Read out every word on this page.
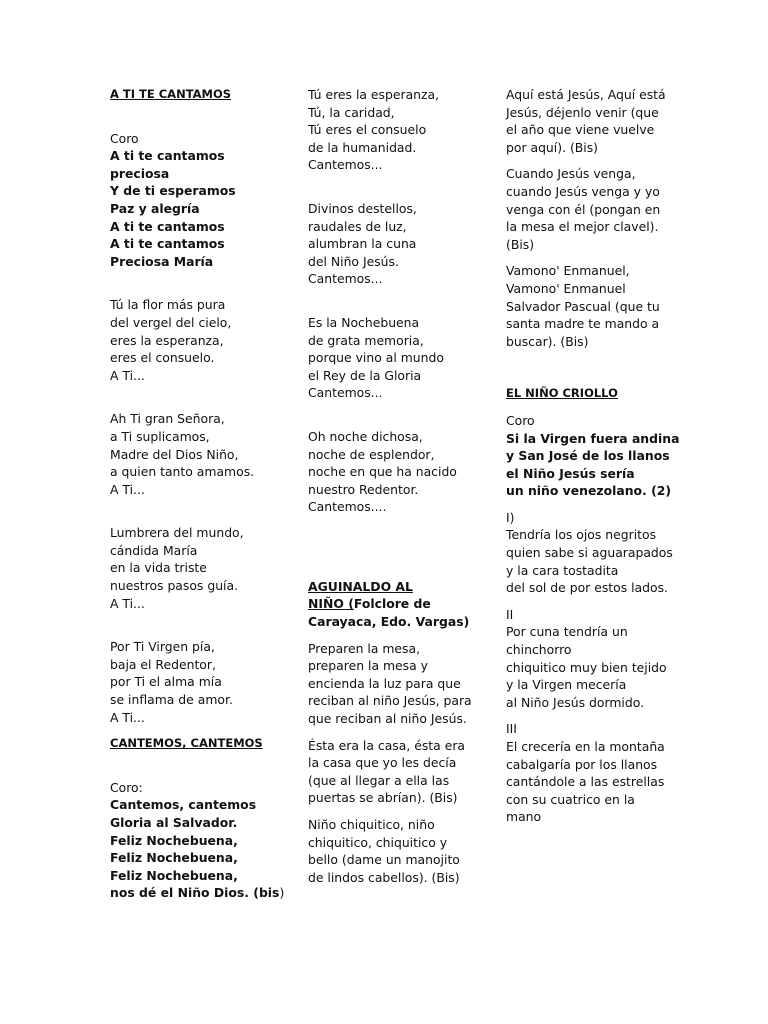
A TI TE CANTAMOS
Coro
A ti te cantamos
preciosa
Y de ti esperamos
Paz y alegría
A ti te cantamos
A ti te cantamos
Preciosa María
Tú la flor más pura
del vergel del cielo,
eres la esperanza,
eres el consuelo.
A Ti...
Ah Ti gran Señora,
a Ti suplicamos,
Madre del Dios Niño,
a quien tanto amamos.
A Ti...
Lumbrera del mundo,
cándida María
en la vida triste
nuestros pasos guía.
A Ti...
Por Ti Virgen pía,
baja el Redentor,
por Ti el alma mía
se inflama de amor.
A Ti...
CANTEMOS, CANTEMOS
Coro:
Cantemos, cantemos
Gloria al Salvador.
Feliz Nochebuena,
Feliz Nochebuena,
Feliz Nochebuena,
nos dé el Niño Dios. (bis)
Tú eres la esperanza,
Tú, la caridad,
Tú eres el consuelo
de la humanidad.
Cantemos...
Divinos destellos,
raudales de luz,
alumbran la cuna
del Niño Jesús.
Cantemos...
Es la Nochebuena
de grata memoria,
porque vino al mundo
el Rey de la Gloria
Cantemos...
Oh noche dichosa,
noche de esplendor,
noche en que ha nacido
nuestro Redentor.
Cantemos....
AGUINALDO AL
NIÑO (Folclore de
Carayaca, Edo. Vargas)
Preparen la mesa,
preparen la mesa y
encienda la luz para que
reciban al niño Jesús, para
que reciban al niño Jesús.
Ésta era la casa, ésta era
la casa que yo les decía
(que al llegar a ella las
puertas se abrían). (Bis)
Niño chiquitico, niño
chiquitico, chiquitico y
bello (dame un manojito
de lindos cabellos). (Bis)
Aquí está Jesús, Aquí está
Jesús, déjenlo venir (que
el año que viene vuelve
por aquí). (Bis)
Cuando Jesús venga,
cuando Jesús venga y yo
venga con él (pongan en
la mesa el mejor clavel).
(Bis)
Vamono' Enmanuel,
Vamono' Enmanuel
Salvador Pascual (que tu
santa madre te mando a
buscar). (Bis)
EL NIÑO CRIOLLO
Coro
Si la Virgen fuera andina
y San José de los llanos
el Niño Jesús sería
un niño venezolano. (2)
I)
Tendría los ojos negritos
quien sabe si aguarapados
y la cara tostadita
del sol de por estos lados.
II
Por cuna tendría un
chinchorro
chiquitico muy bien tejido
y la Virgen mecería
al Niño Jesús dormido.
III
El crecería en la montaña
cabalgaría por los llanos
cantándole a las estrellas
con su cuatrico en la
mano
